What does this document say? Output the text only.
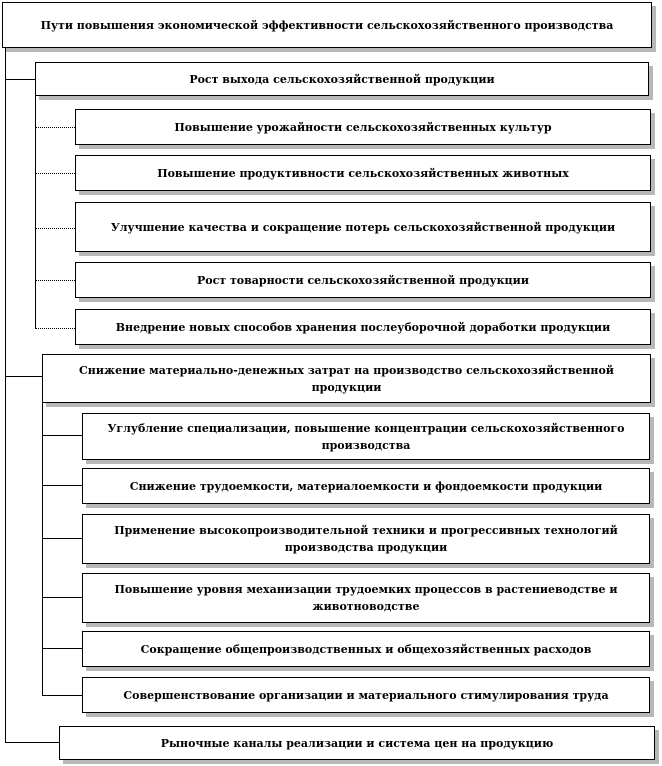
Пути повышения экономической эффективности сельскохозяйственного производства
Рост выхода сельскохозяйственной продукции
Повышение урожайности сельскохозяйственных культур
Повышение продуктивности сельскохозяйственных животных
Улучшение качества и сокращение потерь сельскохозяйственной продукции
Рост товарности сельскохозяйственной продукции
Внедрение новых способов хранения послеуборочной доработки продукции
Снижение материально-денежных затрат на производство сельскохозяйственной продукции
Углубление специализации, повышение концентрации сельскохозяйственного производства
Снижение трудоемкости, материалоемкости и фондоемкости продукции
Применение высокопроизводительной техники и прогрессивных технологий производства продукции
Повышение уровня механизации трудоемких процессов в растениеводстве и животноводстве
Сокращение общепроизводственных и общехозяйственных расходов
Совершенствование организации и материального стимулирования труда
Рыночные каналы реализации и система цен на продукцию
